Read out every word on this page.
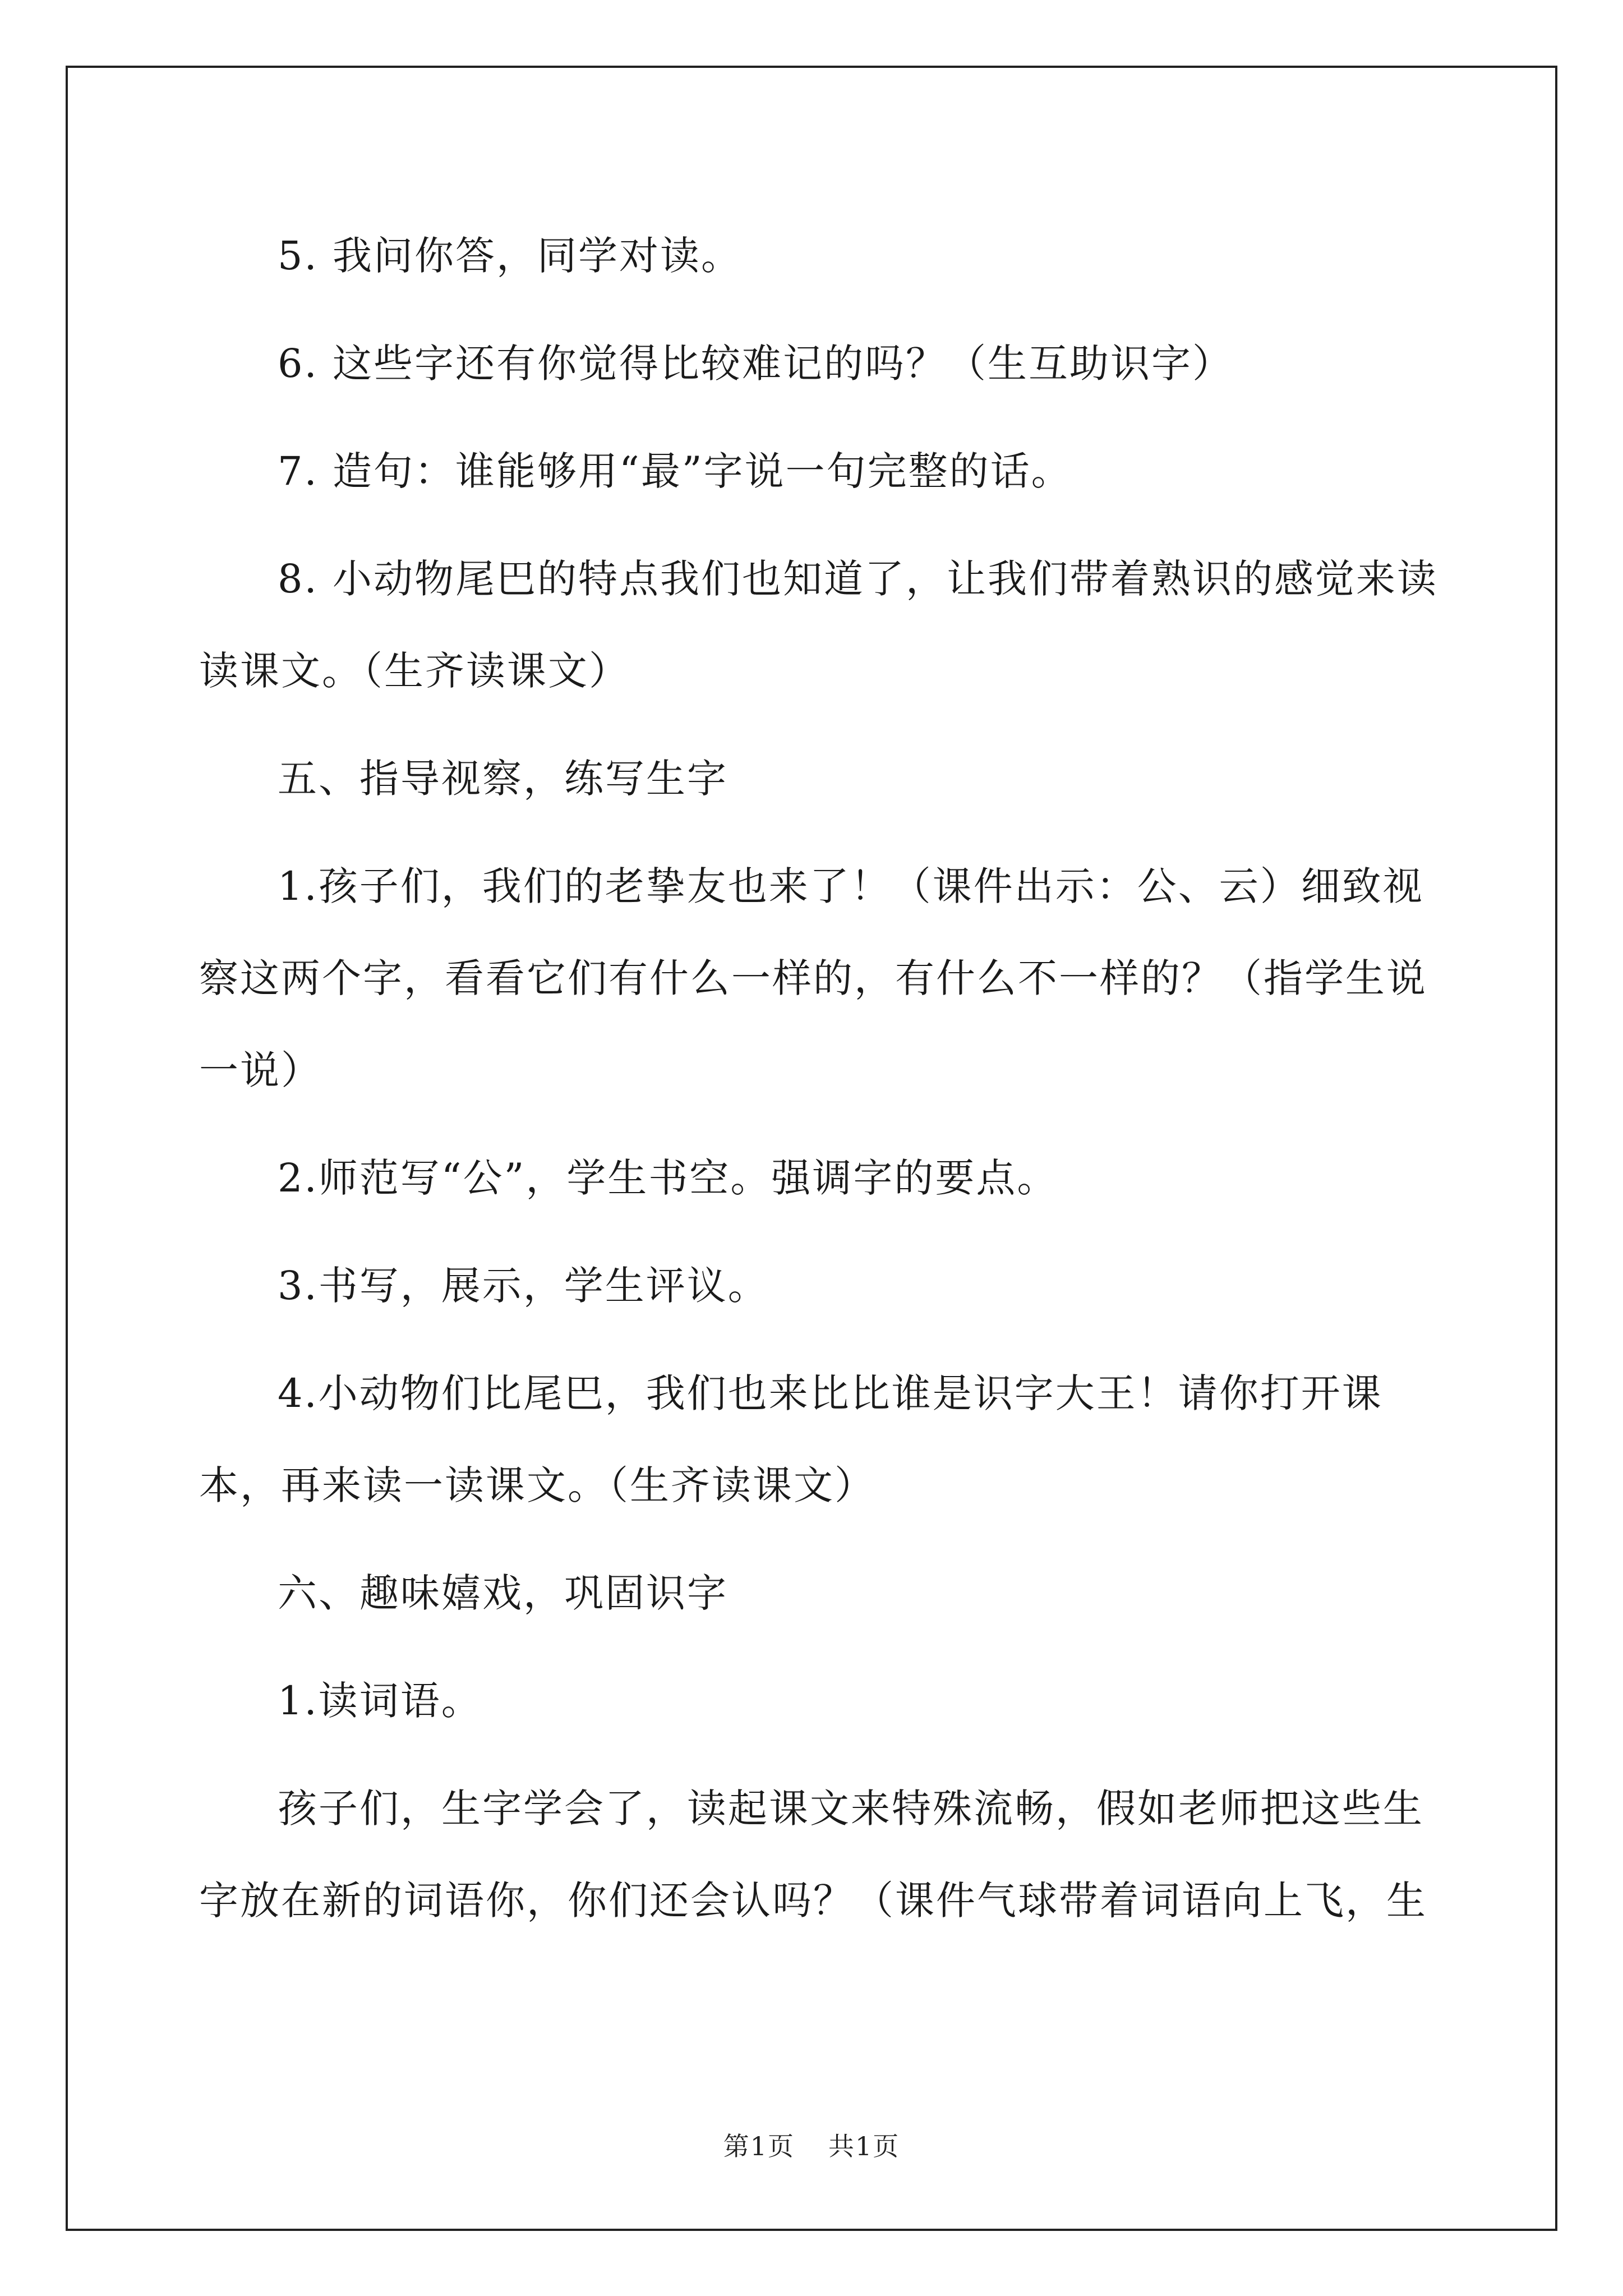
5. 我问你答，同学对读。

6. 这些字还有你觉得比较难记的吗？（生互助识字）

7. 造句：谁能够用“最”字说一句完整的话。

8. 小动物尾巴的特点我们也知道了，让我们带着熟识的感觉来读读课文。（生齐读课文）

五、指导视察，练写生字

1.孩子们，我们的老挚友也来了！（课件出示：公、云）细致视察这两个字，看看它们有什么一样的，有什么不一样的？（指学生说一说）

2.师范写“公”，学生书空。强调字的要点。

3.书写，展示，学生评议。

4.小动物们比尾巴，我们也来比比谁是识字大王！请你打开课本，再来读一读课文。（生齐读课文）

六、趣味嬉戏，巩固识字

1.读词语。

孩子们，生字学会了，读起课文来特殊流畅，假如老师把这些生字放在新的词语你，你们还会认吗？（课件气球带着词语向上飞，生

第1页 共1页
